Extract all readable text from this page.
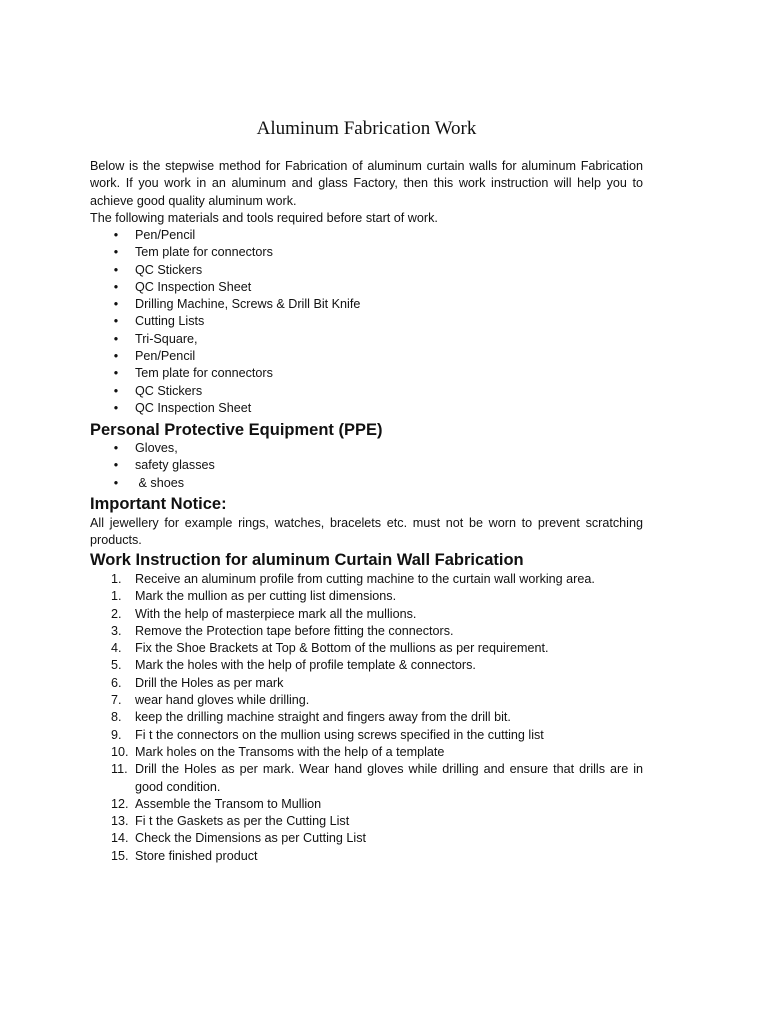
Aluminum Fabrication Work

Below is the stepwise method for Fabrication of aluminum curtain walls for aluminum Fabrication work. If you work in an aluminum and glass Factory, then this work instruction will help you to achieve good quality aluminum work.

The following materials and tools required before start of work.

• Pen/Pencil
• Tem plate for connectors
• QC Stickers
• QC Inspection Sheet
• Drilling Machine, Screws & Drill Bit Knife
• Cutting Lists
• Tri-Square,
• Pen/Pencil
• Tem plate for connectors
• QC Stickers
• QC Inspection Sheet
Personal Protective Equipment (PPE)
• Gloves,
• safety glasses
• & shoes
Important Notice:

All jewellery for example rings, watches, bracelets etc. must not be worn to prevent scratching products.

Work Instruction for aluminum Curtain Wall Fabrication
1.	Receive an aluminum profile from cutting machine to the curtain wall working area.
1.	Mark the mullion as per cutting list dimensions.
2.	With the help of masterpiece mark all the mullions.
3.	Remove the Protection tape before fitting the connectors.
4.	Fix the Shoe Brackets at Top & Bottom of the mullions as per requirement.
5.	Mark the holes with the help of profile template & connectors.
6.	Drill the Holes as per mark
7.	wear hand gloves while drilling.
8.	keep the drilling machine straight and fingers away from the drill bit.
9.	Fi t the connectors on the mullion using screws specified in the cutting list
10. Mark holes on the Transoms with the help of a template
11. Drill the Holes as per mark. Wear hand gloves while drilling and ensure that drills are in good condition.
12. Assemble the Transom to Mullion
13. Fi t the Gaskets as per the Cutting List
14. Check the Dimensions as per Cutting List
15. Store finished product
